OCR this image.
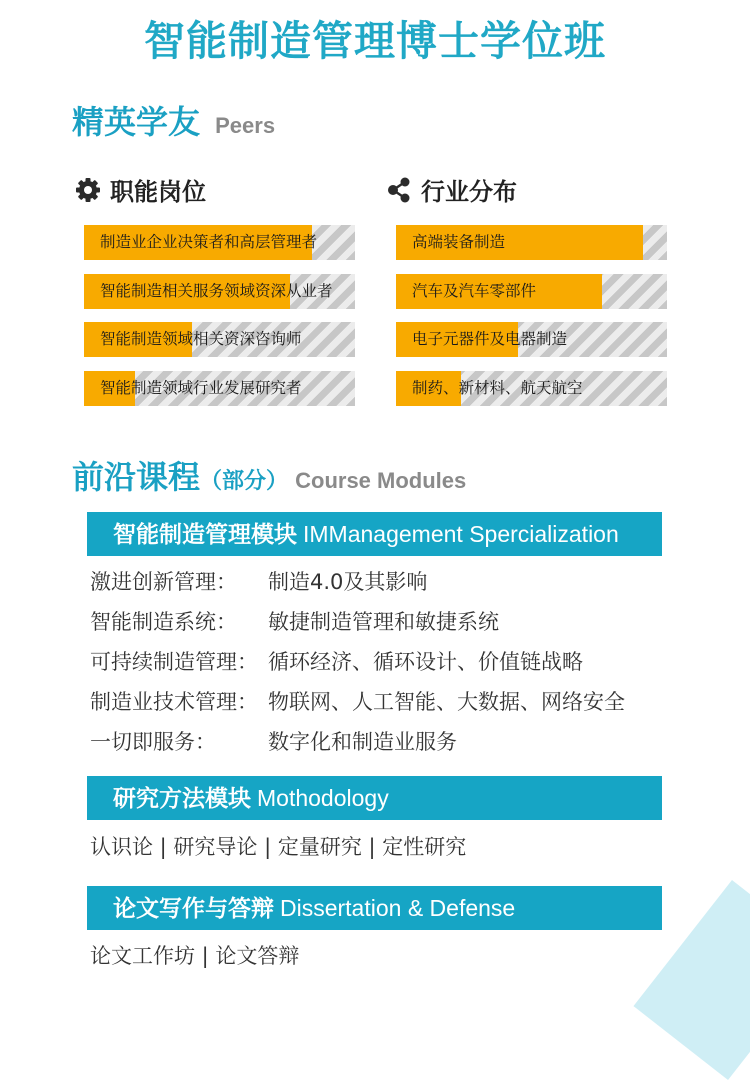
智能制造管理博士学位班
精英学友 Peers
职能岗位	行业分布
制造业企业决策者和高层管理者
智能制造相关服务领域资深从业者
智能制造领域相关资深咨询师
智能制造领域行业发展研究者
高端装备制造
汽车及汽车零部件
电子元器件及电器制造
制药、新材料、航天航空
前沿课程（部分） Course Modules
智能制造管理模块 IMManagement Spercialization
激进创新管理： 制造4.0及其影响
智能制造系统： 敏捷制造管理和敏捷系统
可持续制造管理： 循环经济、循环设计、价值链战略
制造业技术管理： 物联网、人工智能、大数据、网络安全
一切即服务： 数字化和制造业服务
研究方法模块 Mothodology
认识论 | 研究导论 | 定量研究 | 定性研究
论文写作与答辩 Dissertation & Defense
论文工作坊 | 论文答辩
